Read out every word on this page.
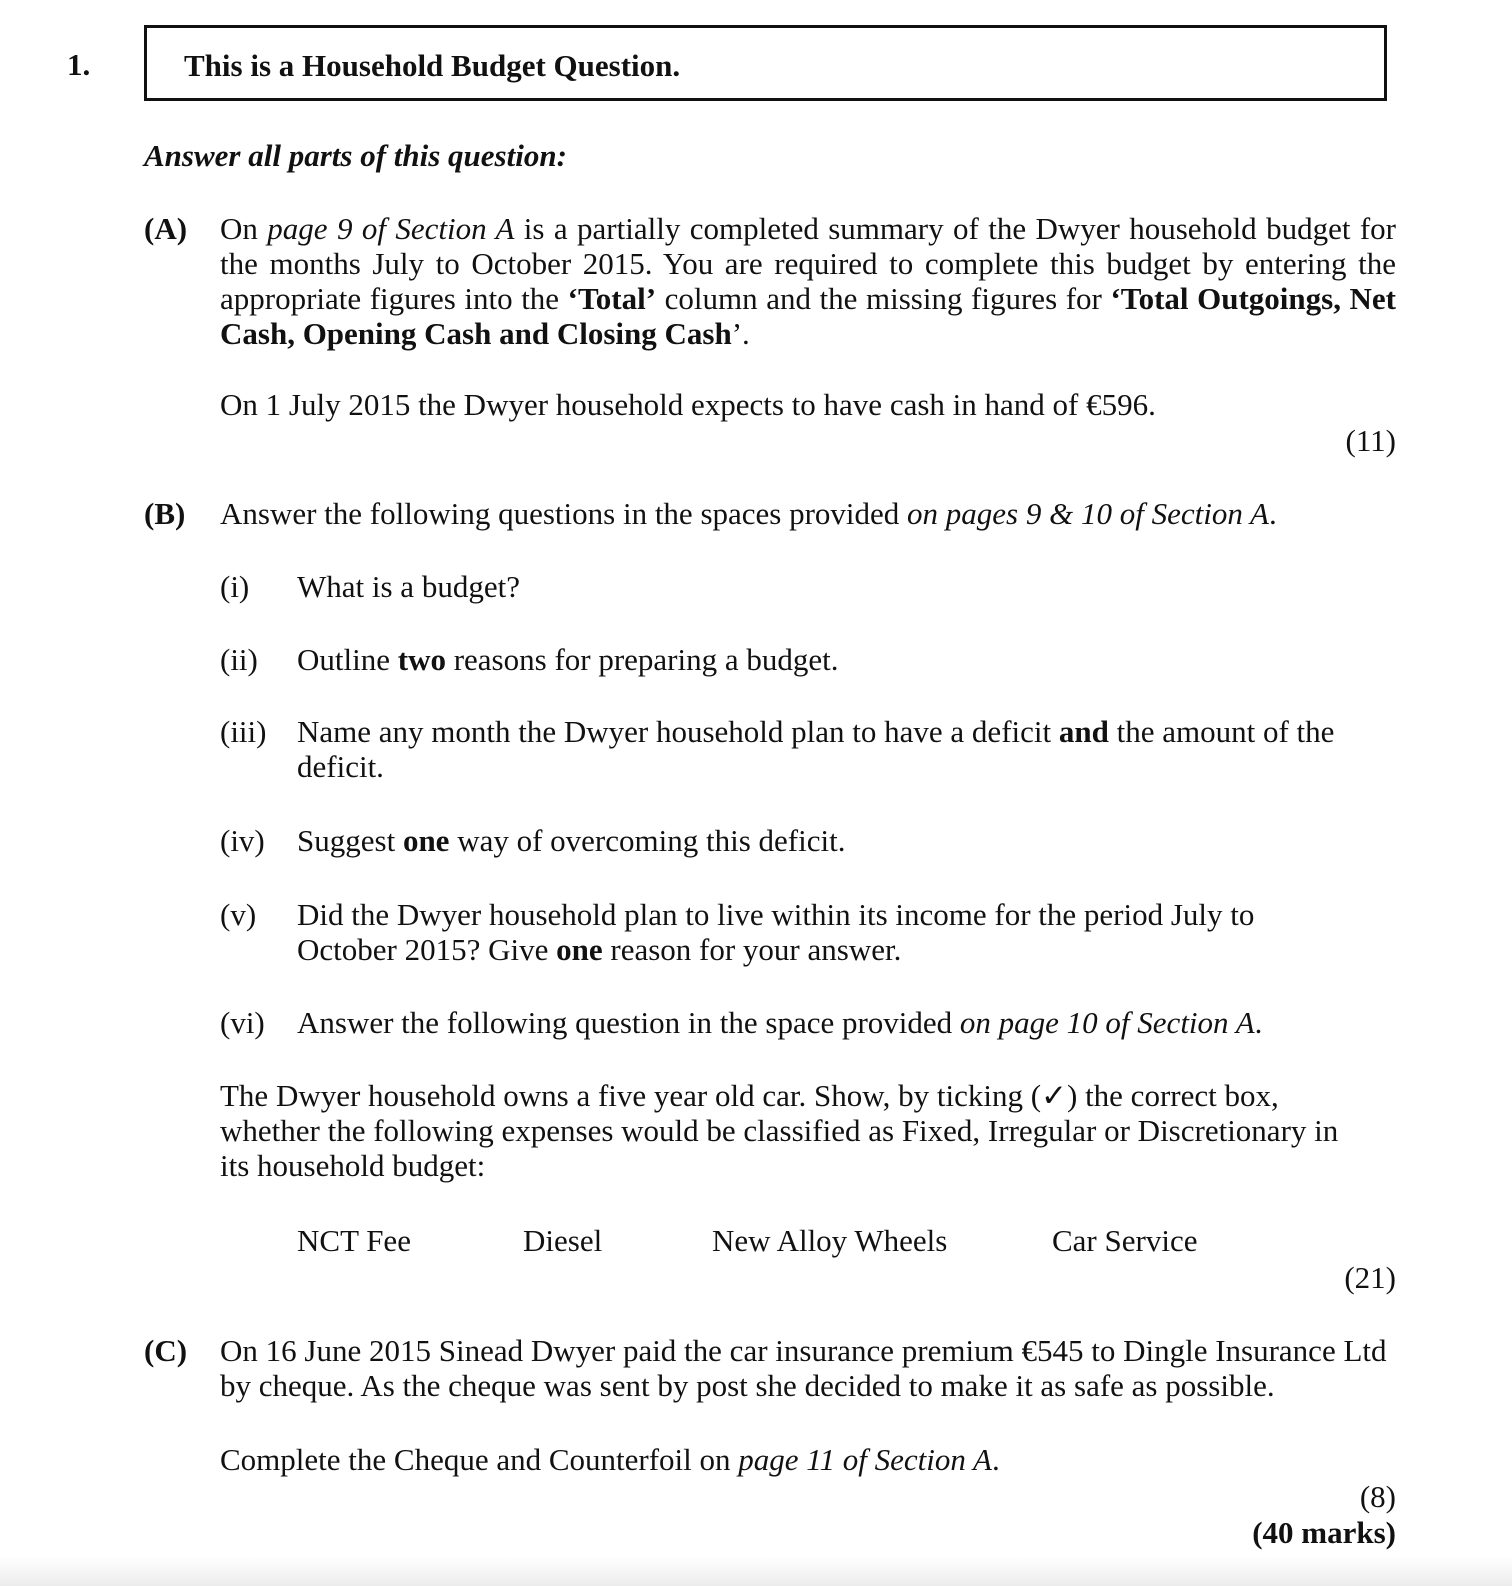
1.	This is a Household Budget Question.
Answer all parts of this question:
(A) On page 9 of Section A is a partially completed summary of the Dwyer household budget for the months July to October 2015. You are required to complete this budget by entering the appropriate figures into the ‘Total’ column and the missing figures for ‘Total Outgoings, Net Cash, Opening Cash and Closing Cash’.
On 1 July 2015 the Dwyer household expects to have cash in hand of €596.
(11)
(B) Answer the following questions in the spaces provided on pages 9 & 10 of Section A.
(i) What is a budget?
(ii) Outline two reasons for preparing a budget.
(iii) Name any month the Dwyer household plan to have a deficit and the amount of the deficit.
(iv) Suggest one way of overcoming this deficit.
(v) Did the Dwyer household plan to live within its income for the period July to October 2015? Give one reason for your answer.
(vi) Answer the following question in the space provided on page 10 of Section A.
The Dwyer household owns a five year old car. Show, by ticking (✓) the correct box, whether the following expenses would be classified as Fixed, Irregular or Discretionary in its household budget:
NCT Fee	Diesel	New Alloy Wheels	Car Service
(21)
(C) On 16 June 2015 Sinead Dwyer paid the car insurance premium €545 to Dingle Insurance Ltd by cheque. As the cheque was sent by post she decided to make it as safe as possible.
Complete the Cheque and Counterfoil on page 11 of Section A.
(8)
(40 marks)
